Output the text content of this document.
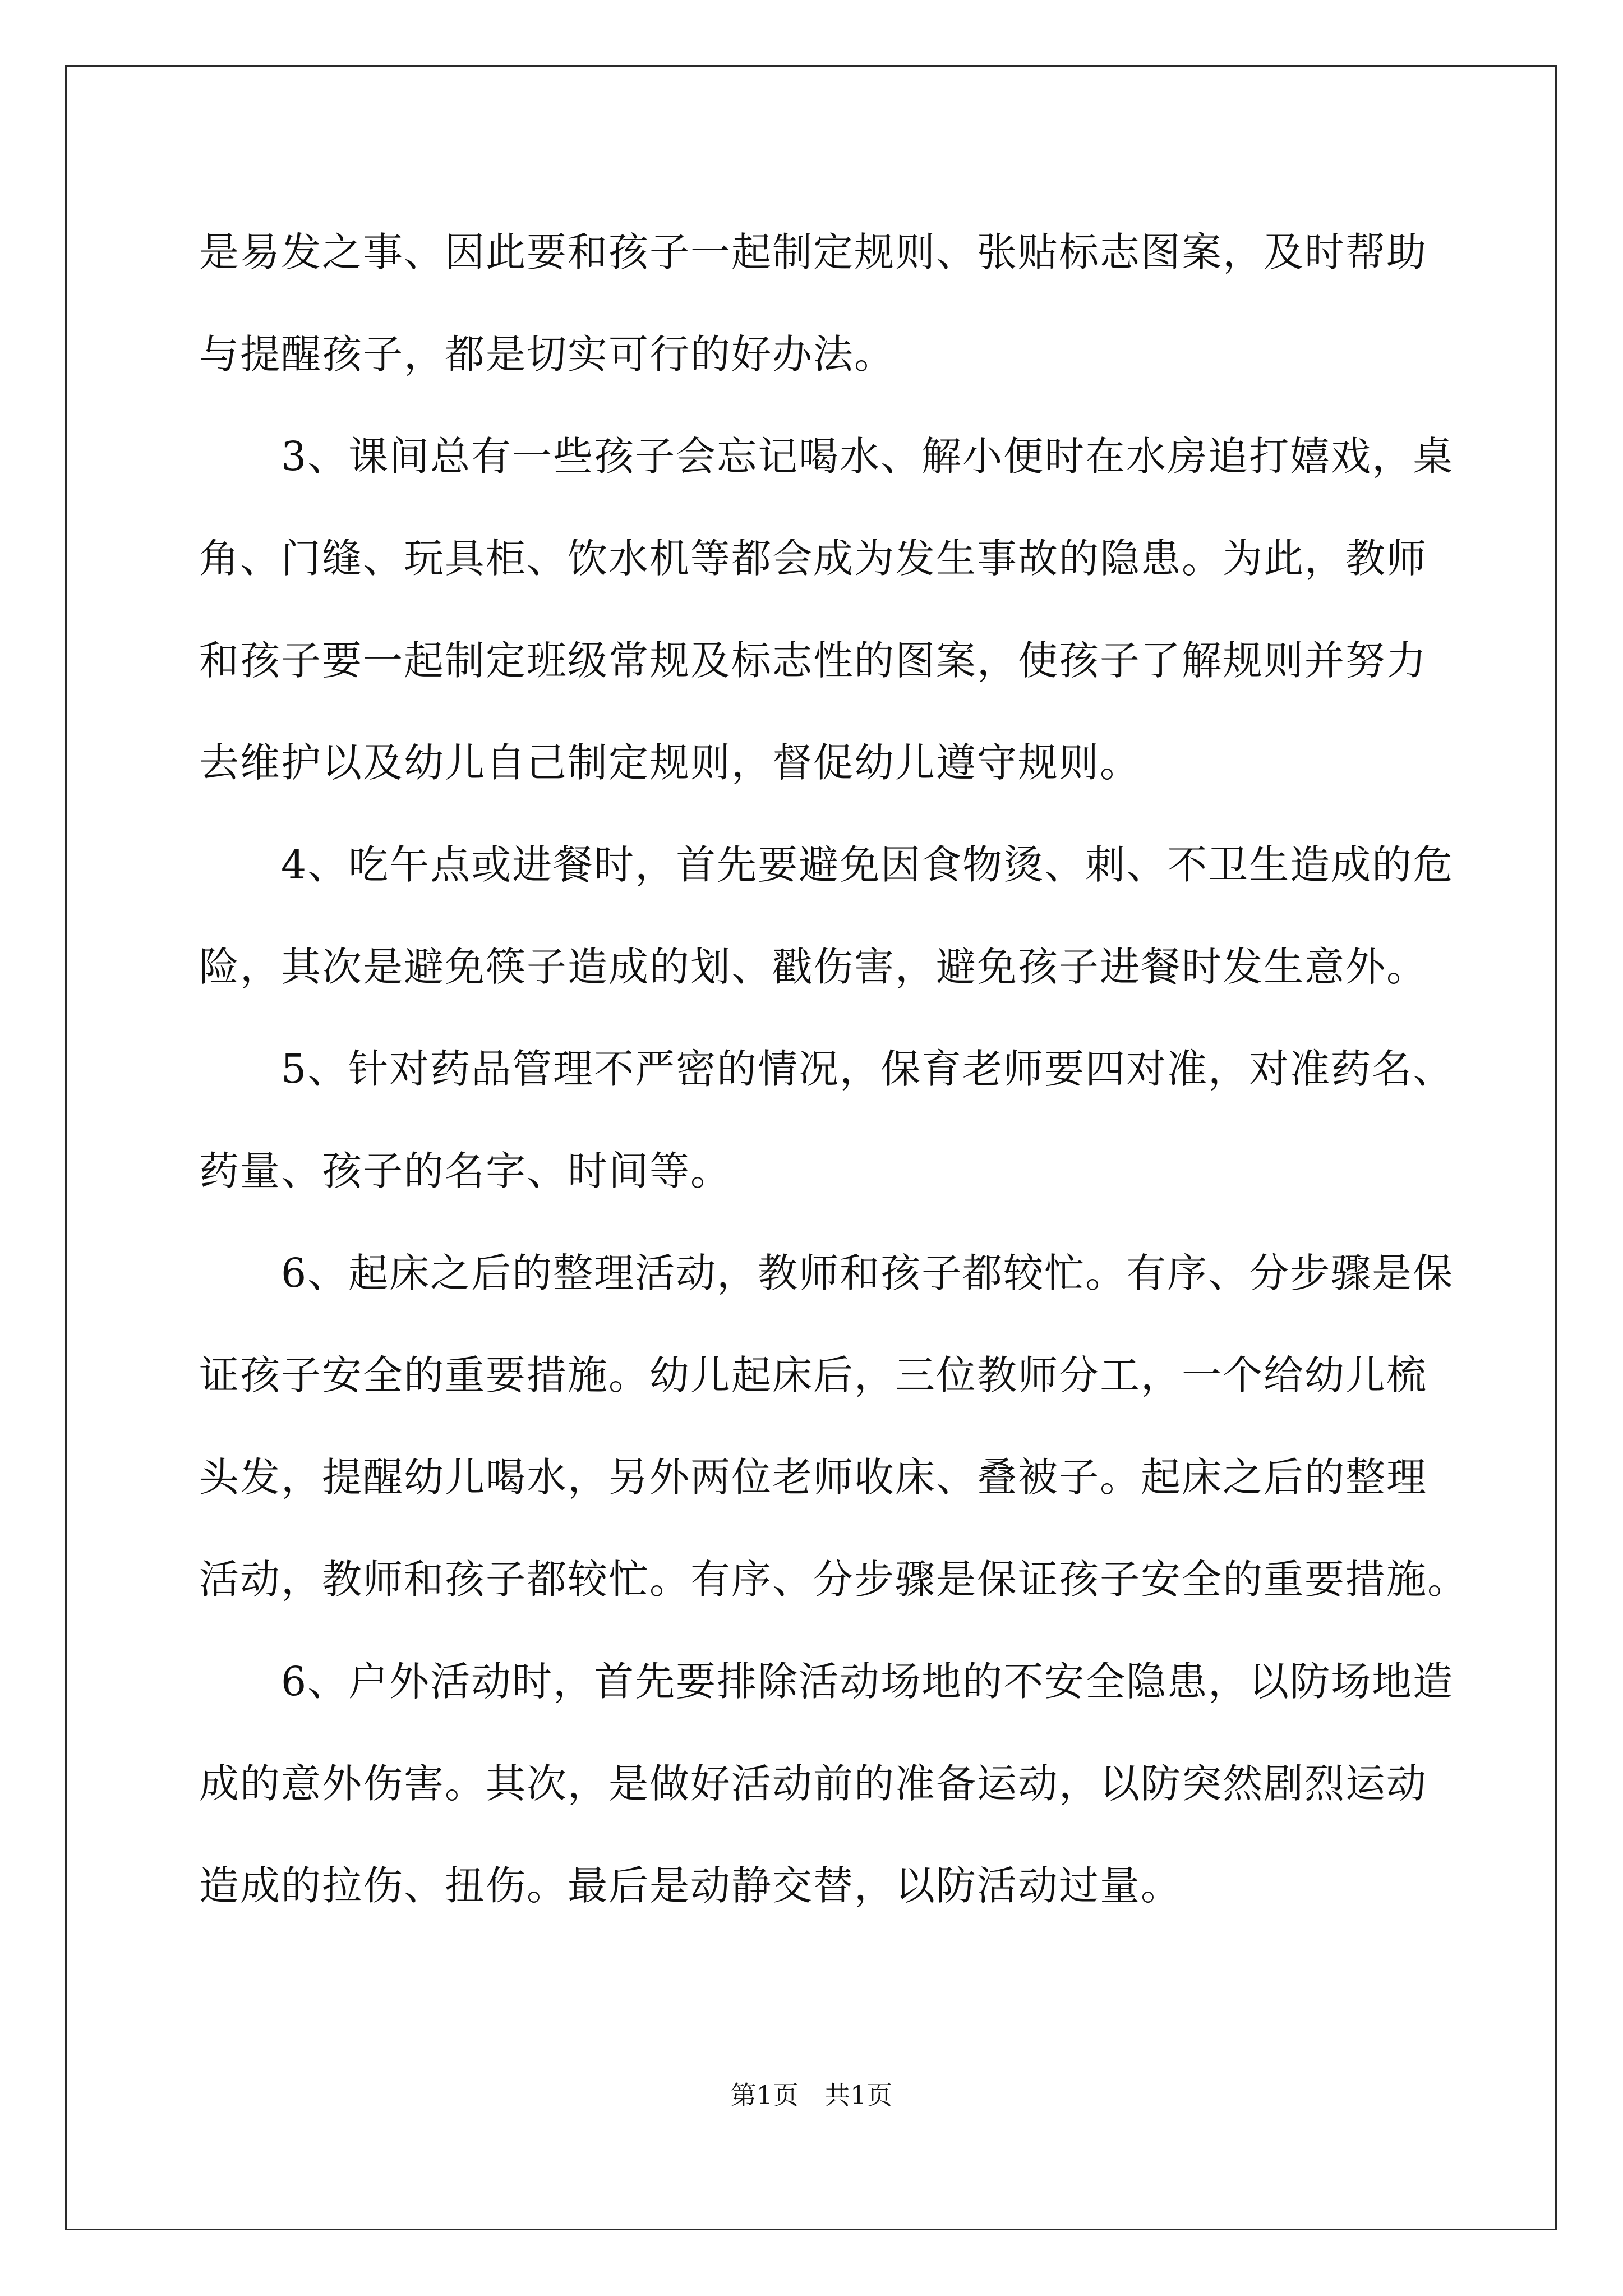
是易发之事、因此要和孩子一起制定规则、张贴标志图案，及时帮助
与提醒孩子，都是切实可行的好办法。
　　3、课间总有一些孩子会忘记喝水、解小便时在水房追打嬉戏，桌
角、门缝、玩具柜、饮水机等都会成为发生事故的隐患。为此，教师
和孩子要一起制定班级常规及标志性的图案，使孩子了解规则并努力
去维护以及幼儿自己制定规则，督促幼儿遵守规则。
　　4、吃午点或进餐时，首先要避免因食物烫、刺、不卫生造成的危
险，其次是避免筷子造成的划、戳伤害，避免孩子进餐时发生意外。
　　5、针对药品管理不严密的情况，保育老师要四对准，对准药名、
药量、孩子的名字、时间等。
　　6、起床之后的整理活动，教师和孩子都较忙。有序、分步骤是保
证孩子安全的重要措施。幼儿起床后，三位教师分工，一个给幼儿梳
头发，提醒幼儿喝水，另外两位老师收床、叠被子。起床之后的整理
活动，教师和孩子都较忙。有序、分步骤是保证孩子安全的重要措施。
　　6、户外活动时，首先要排除活动场地的不安全隐患，以防场地造
成的意外伤害。其次，是做好活动前的准备运动，以防突然剧烈运动
造成的拉伤、扭伤。最后是动静交替，以防活动过量。
第1页　共1页
